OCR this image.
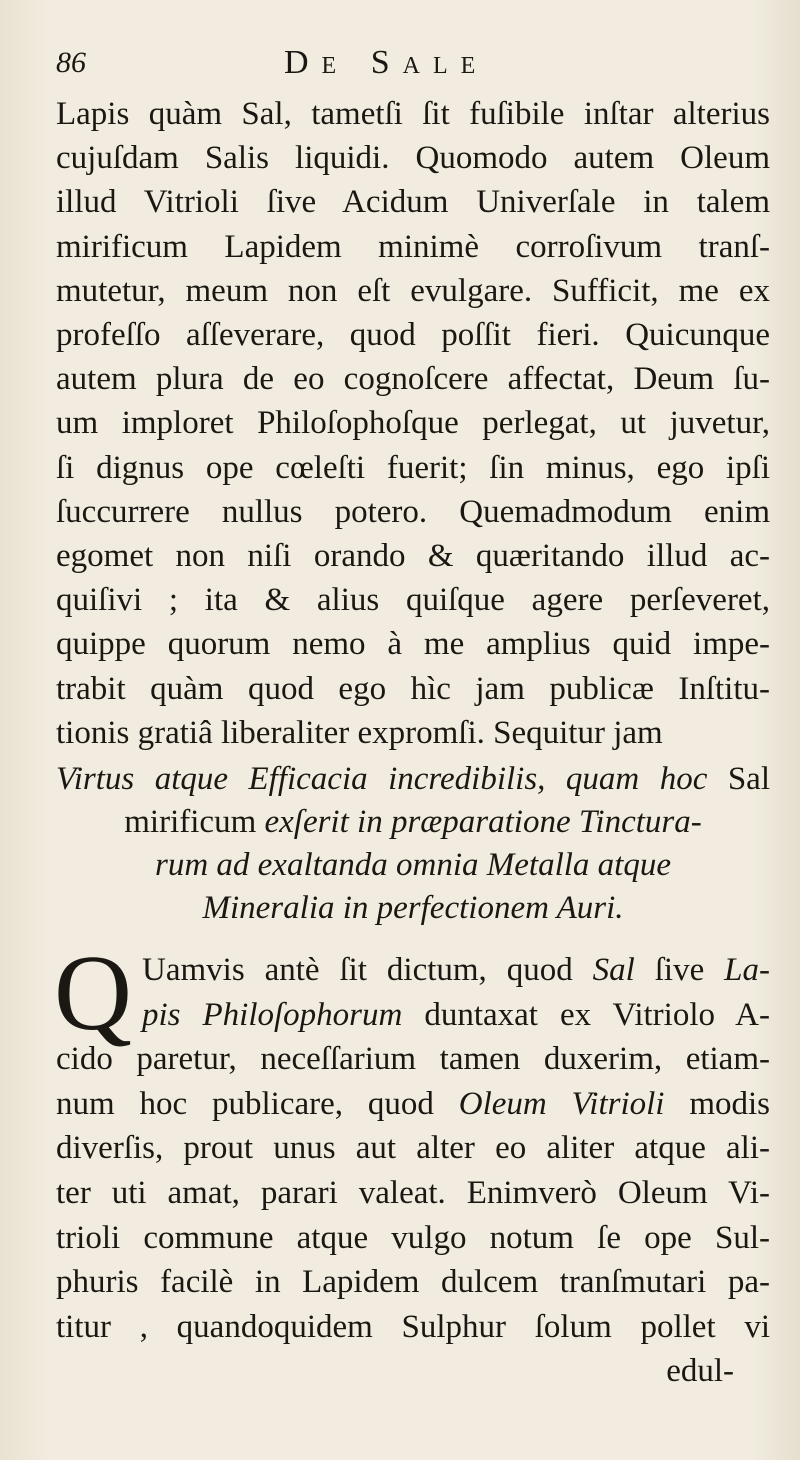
86	De Sale
Lapis quàm Sal, tametſi ſit fuſibile inſtar alterius
cujuſdam Salis liquidi. Quomodo autem Oleum
illud Vitrioli ſive Acidum Univerſale in talem
mirificum Lapidem minimè corroſivum tranſ-
mutetur, meum non eſt evulgare. Sufficit, me ex
profeſſo aſſeverare, quod poſſit fieri. Quicunque
autem plura de eo cognoſcere affectat, Deum ſu-
um imploret Philoſophoſque perlegat, ut juvetur,
ſi dignus ope cœleſti fuerit; ſin minus, ego ipſi
ſuccurrere nullus potero. Quemadmodum enim
egomet non niſi orando & quæritando illud ac-
quiſivi ; ita & alius quiſque agere perſeveret,
quippe quorum nemo à me amplius quid impe-
trabit quàm quod ego hìc jam publicæ Inſtitu-
tionis gratiâ liberaliter expromſi. Sequitur jam
Virtus atque Efficacia incredibilis, quam hoc Sal
mirificum exſerit in præparatione Tinctura-
rum ad exaltanda omnia Metalla atque
Mineralia in perfectionem Auri.
Q Uamvis antè ſit dictum, quod Sal ſive La-
pis Philoſophorum duntaxat ex Vitriolo A-
cido paretur, neceſſarium tamen duxerim, etiam-
num hoc publicare, quod Oleum Vitrioli modis
diverſis, prout unus aut alter eo aliter atque ali-
ter uti amat, parari valeat. Enimverò Oleum Vi-
trioli commune atque vulgo notum ſe ope Sul-
phuris facilè in Lapidem dulcem tranſmutari pa-
titur , quandoquidem Sulphur ſolum pollet vi
edul-
